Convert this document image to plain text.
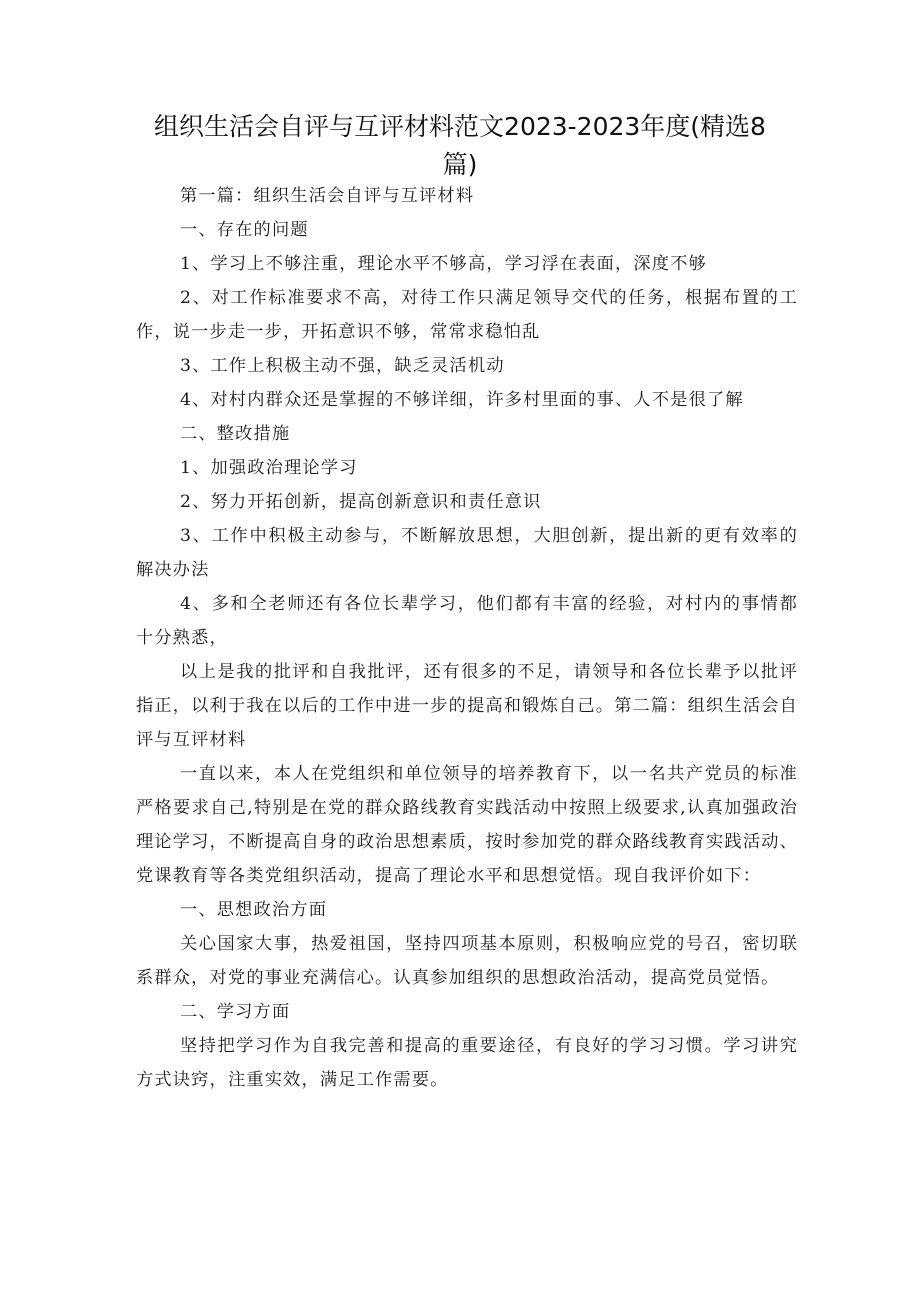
组织生活会自评与互评材料范文2023-2023年度(精选8篇)

第一篇：组织生活会自评与互评材料

一、存在的问题

1、学习上不够注重，理论水平不够高，学习浮在表面，深度不够

2、对工作标准要求不高，对待工作只满足领导交代的任务，根据布置的工作，说一步走一步，开拓意识不够，常常求稳怕乱

3、工作上积极主动不强，缺乏灵活机动

4、对村内群众还是掌握的不够详细，许多村里面的事、人不是很了解

二、整改措施

1、加强政治理论学习

2、努力开拓创新，提高创新意识和责任意识

3、工作中积极主动参与，不断解放思想，大胆创新，提出新的更有效率的解决办法

4、多和仝老师还有各位长辈学习，他们都有丰富的经验，对村内的事情都十分熟悉，

以上是我的批评和自我批评，还有很多的不足，请领导和各位长辈予以批评指正，以利于我在以后的工作中进一步的提高和锻炼自己。第二篇：组织生活会自评与互评材料

一直以来，本人在党组织和单位领导的培养教育下，以一名共产党员的标准严格要求自己,特别是在党的群众路线教育实践活动中按照上级要求,认真加强政治理论学习，不断提高自身的政治思想素质，按时参加党的群众路线教育实践活动、党课教育等各类党组织活动，提高了理论水平和思想觉悟。现自我评价如下：

一、思想政治方面

关心国家大事，热爱祖国，坚持四项基本原则，积极响应党的号召，密切联系群众，对党的事业充满信心。认真参加组织的思想政治活动，提高党员觉悟。

二、学习方面

坚持把学习作为自我完善和提高的重要途径，有良好的学习习惯。学习讲究方式诀窍，注重实效，满足工作需要。
